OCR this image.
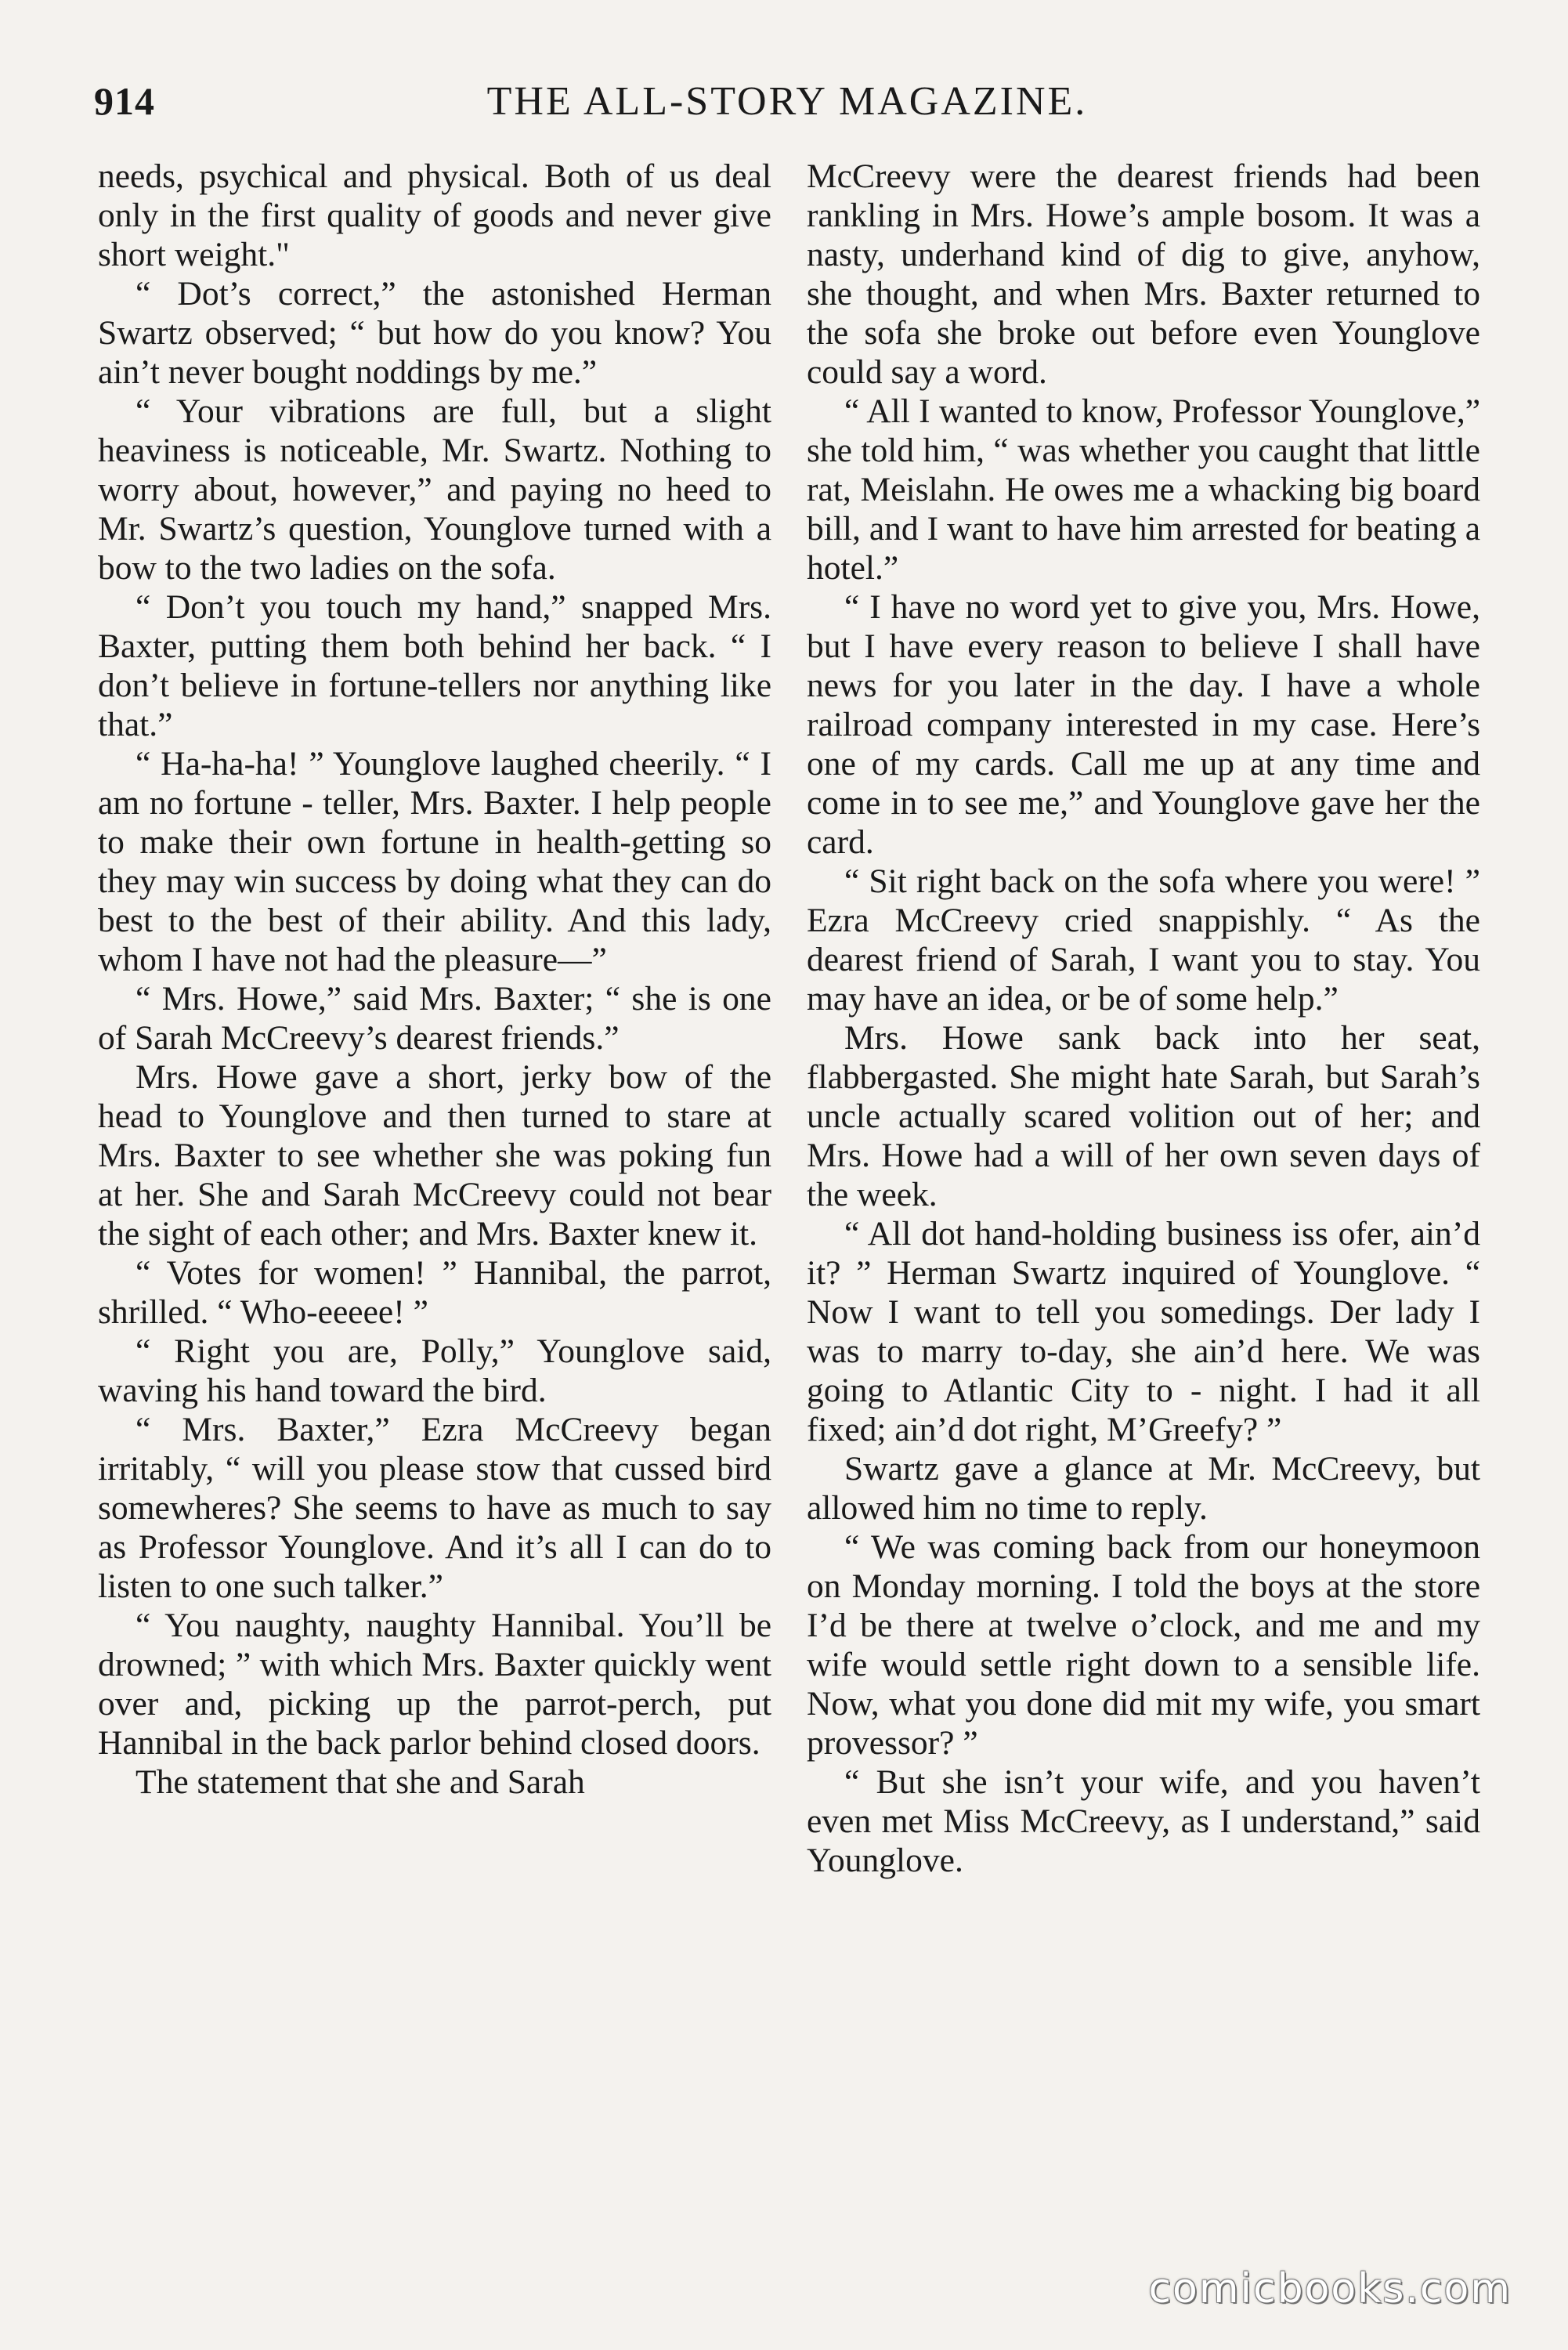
914	THE ALL-STORY MAGAZINE.

needs, psychical and physical. Both of us deal only in the first quality of goods and never give short weight."

“ Dot’s correct,” the astonished Herman Swartz observed; “ but how do you know? You ain’t never bought noddings by me.”

“ Your vibrations are full, but a slight heaviness is noticeable, Mr. Swartz. Nothing to worry about, however,” and paying no heed to Mr. Swartz’s question, Younglove turned with a bow to the two ladies on the sofa.

“ Don’t you touch my hand,” snapped Mrs. Baxter, putting them both behind her back. “ I don’t believe in fortune-tellers nor anything like that.”

“ Ha-ha-ha! ” Younglove laughed cheerily. “ I am no fortune - teller, Mrs. Baxter. I help people to make their own fortune in health-getting so they may win success by doing what they can do best to the best of their ability. And this lady, whom I have not had the pleasure—”

“ Mrs. Howe,” said Mrs. Baxter; “ she is one of Sarah McCreevy’s dearest friends.”

Mrs. Howe gave a short, jerky bow of the head to Younglove and then turned to stare at Mrs. Baxter to see whether she was poking fun at her. She and Sarah McCreevy could not bear the sight of each other; and Mrs. Baxter knew it.

“ Votes for women! ” Hannibal, the parrot, shrilled. “ Who-eeeee! ”

“ Right you are, Polly,” Younglove said, waving his hand toward the bird.

“ Mrs. Baxter,” Ezra McCreevy began irritably, “ will you please stow that cussed bird somewheres? She seems to have as much to say as Professor Younglove. And it’s all I can do to listen to one such talker.”

“ You naughty, naughty Hannibal. You’ll be drowned; ” with which Mrs. Baxter quickly went over and, picking up the parrot-perch, put Hannibal in the back parlor behind closed doors.

The statement that she and Sarah

McCreevy were the dearest friends had been rankling in Mrs. Howe’s ample bosom. It was a nasty, underhand kind of dig to give, anyhow, she thought, and when Mrs. Baxter returned to the sofa she broke out before even Younglove could say a word.

“ All I wanted to know, Professor Younglove,” she told him, “ was whether you caught that little rat, Meislahn. He owes me a whacking big board bill, and I want to have him arrested for beating a hotel.”

“ I have no word yet to give you, Mrs. Howe, but I have every reason to believe I shall have news for you later in the day. I have a whole railroad company interested in my case. Here’s one of my cards. Call me up at any time and come in to see me,” and Younglove gave her the card.

“ Sit right back on the sofa where you were! ” Ezra McCreevy cried snappishly. “ As the dearest friend of Sarah, I want you to stay. You may have an idea, or be of some help.”

Mrs. Howe sank back into her seat, flabbergasted. She might hate Sarah, but Sarah’s uncle actually scared volition out of her; and Mrs. Howe had a will of her own seven days of the week.

“ All dot hand-holding business iss ofer, ain’d it? ” Herman Swartz inquired of Younglove. “ Now I want to tell you somedings. Der lady I was to marry to-day, she ain’d here. We was going to Atlantic City to - night. I had it all fixed; ain’d dot right, M’Greefy? ”

Swartz gave a glance at Mr. McCreevy, but allowed him no time to reply.

“ We was coming back from our honeymoon on Monday morning. I told the boys at the store I’d be there at twelve o’clock, and me and my wife would settle right down to a sensible life. Now, what you done did mit my wife, you smart provessor? ”

“ But she isn’t your wife, and you haven’t even met Miss McCreevy, as I understand,” said Younglove.

comicbooks.com
